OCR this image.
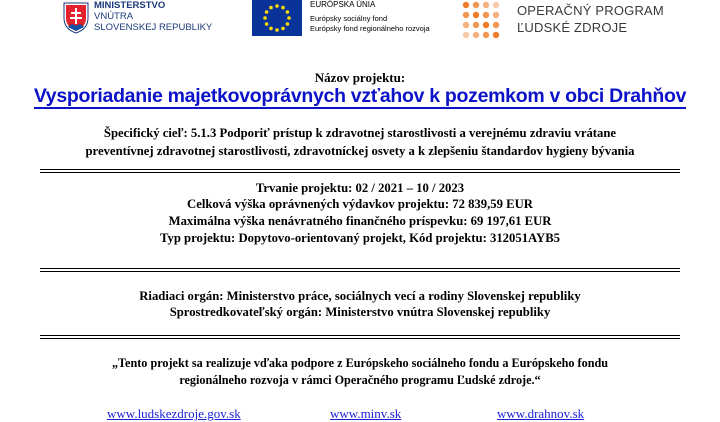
MINISTERSTVO
VNÚTRA
SLOVENSKEJ REPUBLIKY
EURÓPSKA ÚNIA
Európsky sociálny fond
Európsky fond regionálneho rozvoja
OPERAČNÝ PROGRAM
ĽUDSKÉ ZDROJE
Názov projektu:
Vysporiadanie majetkovoprávnych vzťahov k pozemkom v obci Drahňov
Špecifický cieľ: 5.1.3 Podporiť prístup k zdravotnej starostlivosti a verejnému zdraviu vrátane
preventívnej zdravotnej starostlivosti, zdravotníckej osvety a k zlepšeniu štandardov hygieny bývania
Trvanie projektu: 02 / 2021 – 10 / 2023
Celková výška oprávnených výdavkov projektu: 72 839,59 EUR
Maximálna výška nenávratného finančného príspevku: 69 197,61 EUR
Typ projektu: Dopytovo-orientovaný projekt, Kód projektu: 312051AYB5
Riadiaci orgán: Ministerstvo práce, sociálnych vecí a rodiny Slovenskej republiky
Sprostredkovateľský orgán: Ministerstvo vnútra Slovenskej republiky
„Tento projekt sa realizuje vďaka podpore z Európskeho sociálneho fondu a Európskeho fondu
regionálneho rozvoja v rámci Operačného programu Ľudské zdroje.“
www.ludskezdroje.gov.sk	www.minv.sk	www.drahnov.sk
